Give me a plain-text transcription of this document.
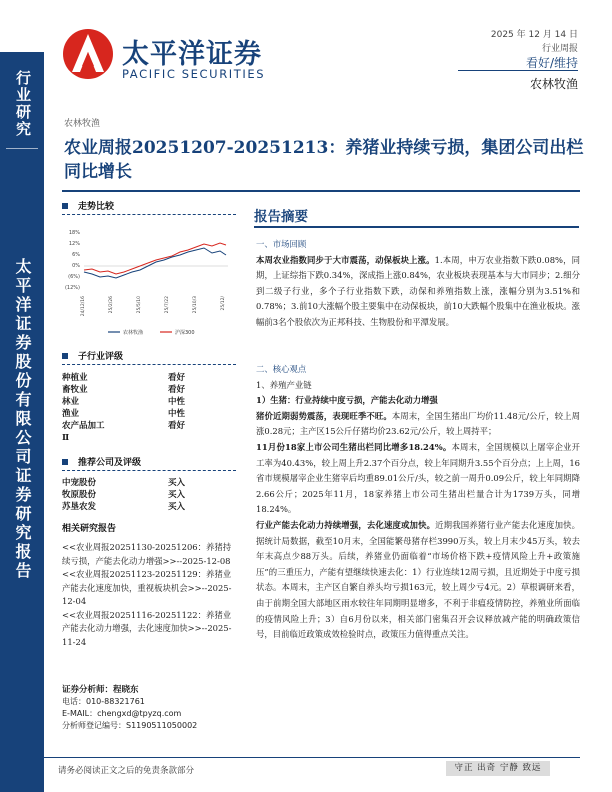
行业研究
太平洋证券股份有限公司证券研究报告
太平洋证券
PACIFIC SECURITIES
2025 年 12 月 14 日
行业周报
看好/维持
农林牧渔
农林牧渔
农业周报20251207-20251213：养猪业持续亏损，集团公司出栏同比增长
走势比较
18%
12%
6%
0%
(6%)
(12%)
24/12/16	25/2/26	25/5/10	25/7/22	25/10/3	25/12/
农林牧渔	沪深300
子行业评级
种植业	看好
畜牧业	看好
林业	中性
渔业	中性
农产品加工	看好
Ⅱ
推荐公司及评级
中宠股份	买入
牧原股份	买入
苏垦农发	买入
相关研究报告
<<农业周报20251130-20251206：养猪持续亏损，产能去化动力增强>>--2025-12-08
<<农业周报20251123-20251129：养猪业产能去化速度加快，重视板块机会>>--2025-12-04
<<农业周报20251116-20251122：养猪业产能去化动力增强，去化速度加快>>--2025-11-24
证券分析师：程晓东
电话：010-88321761
E-MAIL：chengxd@tpyzq.com
分析师登记编号：S1190511050002
报告摘要
一、市场回顾
本周农业指数同步于大市震荡，动保板块上涨。1.本周，申万农业指数下跌0.08%，同期，上证综指下跌0.34%，深成指上涨0.84%，农业板块表现基本与大市同步；2.细分到二级子行业，多个子行业指数下跌，动保和养殖指数上涨，涨幅分别为3.51%和0.78%；3.前10大涨幅个股主要集中在动保板块，前10大跌幅个股集中在渔业板块。涨幅前3名个股依次为正邦科技、生物股份和平潭发展。
二、核心观点
1、养殖产业链
1）生猪：行业持续中度亏损，产能去化动力增强
猪价近期弱势震荡，表现旺季不旺。本周末，全国生猪出厂均价11.48元/公斤，较上周涨0.28元；主产区15公斤仔猪均价23.62元/公斤，较上周持平；
11月份18家上市公司生猪出栏同比增多18.24%。本周末，全国规模以上屠宰企业开工率为40.43%，较上周上升2.37个百分点，较上年同期升3.55个百分点；上上周，16省市规模屠宰企业生猪宰后均重89.01公斤/头，较之前一周升0.09公斤，较上年同期降2.66公斤；2025年11月，18家养猪上市公司生猪出栏量合计为1739万头，同增18.24%。
行业产能去化动力持续增强，去化速度或加快。近期我国养猪行业产能去化速度加快。据统计局数据，截至10月末，全国能繁母猪存栏3990万头，较上月末少45万头，较去年末高点少88万头。后续，养猪业仍面临着“市场价格下跌+疫情风险上升+政策施压”的三重压力，产能有望继续快速去化：1）行业连续12周亏损，且近期处于中度亏损状态。本周末，主产区自繁自养头均亏损163元，较上周少亏4元。2）草根调研来看，由于前期全国大部地区雨水较往年同期明显增多，不利于非瘟疫情防控，养殖业所面临的疫情风险上升；3）自6月份以来，相关部门密集召开会议释放减产能的明确政策信号，目前临近政策成效检验时点，政策压力值得重点关注。
请务必阅读正文之后的免责条款部分	守正 出奇 宁静 致远
